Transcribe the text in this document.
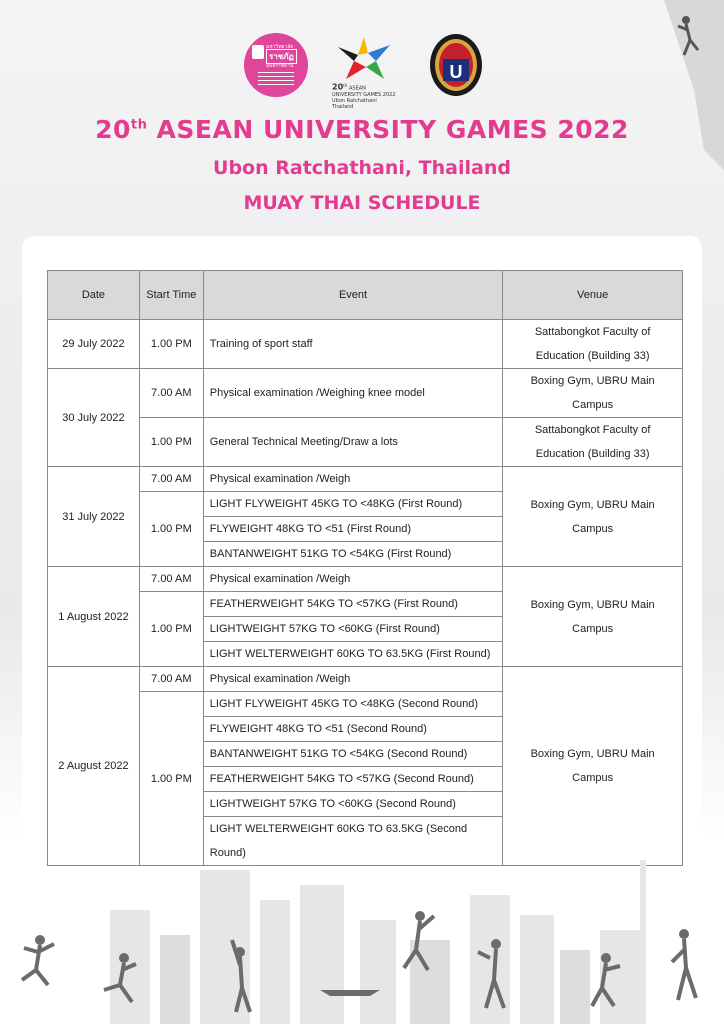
มหาวิทยาลัย
ราชภัฏ
อุบลราชธานี
20th ASEAN UNIVERSITY GAMES 2022
Ubon Ratchathani Thailand
U
20th ASEAN UNIVERSITY GAMES 2022
Ubon Ratchathani, Thailand
MUAY THAI SCHEDULE
Date	Start Time	Event	Venue
29 July 2022	1.00 PM	Training of sport staff	Sattabongkot Faculty of Education (Building 33)
30 July 2022	7.00 AM	Physical examination /Weighing knee model	Boxing Gym, UBRU Main Campus
	1.00 PM	General Technical Meeting/Draw a lots	Sattabongkot Faculty of Education (Building 33)
31 July 2022	7.00 AM	Physical examination /Weigh	Boxing Gym, UBRU Main Campus
	1.00 PM	LIGHT FLYWEIGHT 45KG TO <48KG (First Round)	
		FLYWEIGHT 48KG TO <51 (First Round)	
		BANTANWEIGHT 51KG TO <54KG (First Round)	
1 August 2022	7.00 AM	Physical examination /Weigh	Boxing Gym, UBRU Main Campus
	1.00 PM	FEATHERWEIGHT 54KG TO <57KG (First Round)	
		LIGHTWEIGHT 57KG TO <60KG (First Round)	
		LIGHT WELTERWEIGHT 60KG TO 63.5KG (First Round)	
2 August 2022	7.00 AM	Physical examination /Weigh	Boxing Gym, UBRU Main Campus
	1.00 PM	LIGHT FLYWEIGHT 45KG TO <48KG (Second Round)	
		FLYWEIGHT 48KG TO <51 (Second Round)	
		BANTANWEIGHT 51KG TO <54KG (Second Round)	
		FEATHERWEIGHT 54KG TO <57KG (Second Round)	
		LIGHTWEIGHT 57KG TO <60KG (Second Round)	
		LIGHT WELTERWEIGHT 60KG TO 63.5KG (Second Round)	
